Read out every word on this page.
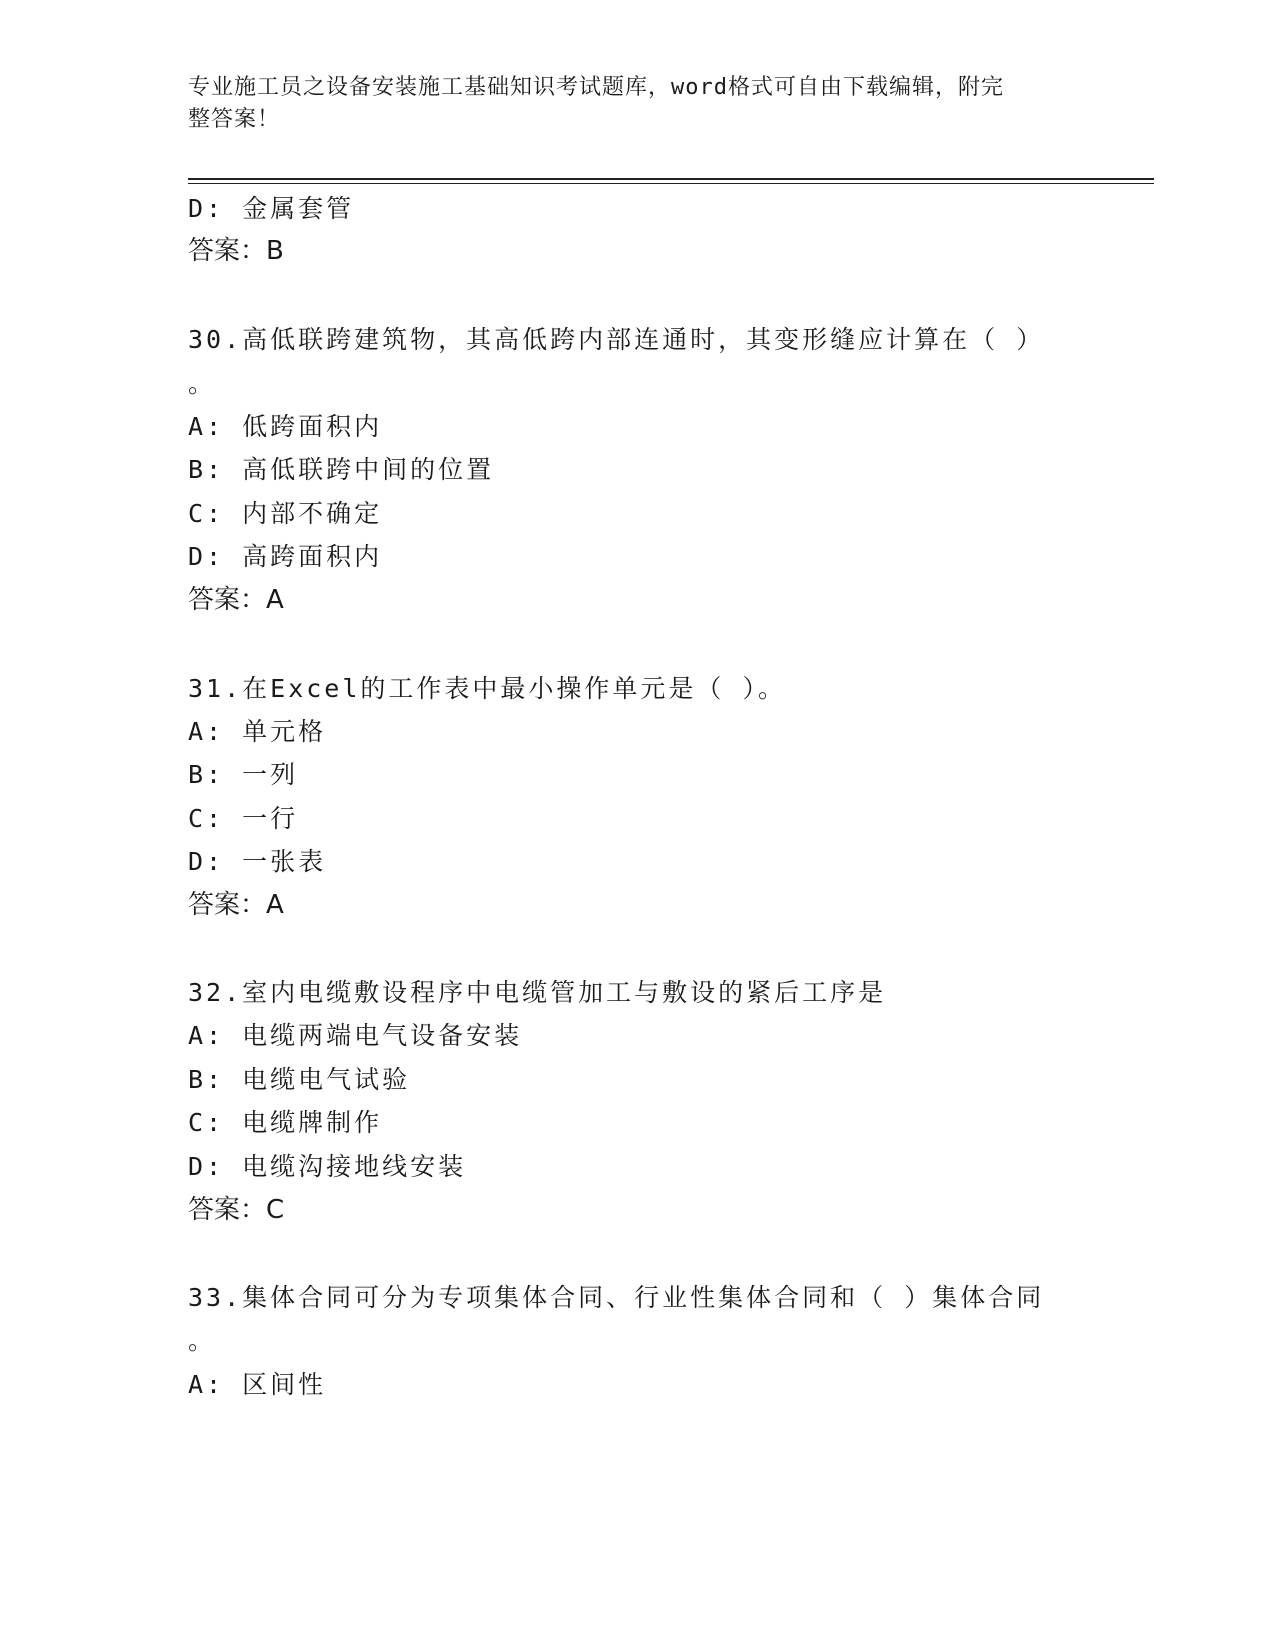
专业施工员之设备安装施工基础知识考试题库，word格式可自由下载编辑，附完
整答案！
D: 金属套管
答案：B
30.高低联跨建筑物，其高低跨内部连通时，其变形缝应计算在（ ）
。
A: 低跨面积内
B: 高低联跨中间的位置
C: 内部不确定
D: 高跨面积内
答案：A
31.在Excel的工作表中最小操作单元是（ ）。
A: 单元格
B: 一列
C: 一行
D: 一张表
答案：A
32.室内电缆敷设程序中电缆管加工与敷设的紧后工序是
A: 电缆两端电气设备安装
B: 电缆电气试验
C: 电缆牌制作
D: 电缆沟接地线安装
答案：C
33.集体合同可分为专项集体合同、行业性集体合同和（ ）集体合同
。
A: 区间性
